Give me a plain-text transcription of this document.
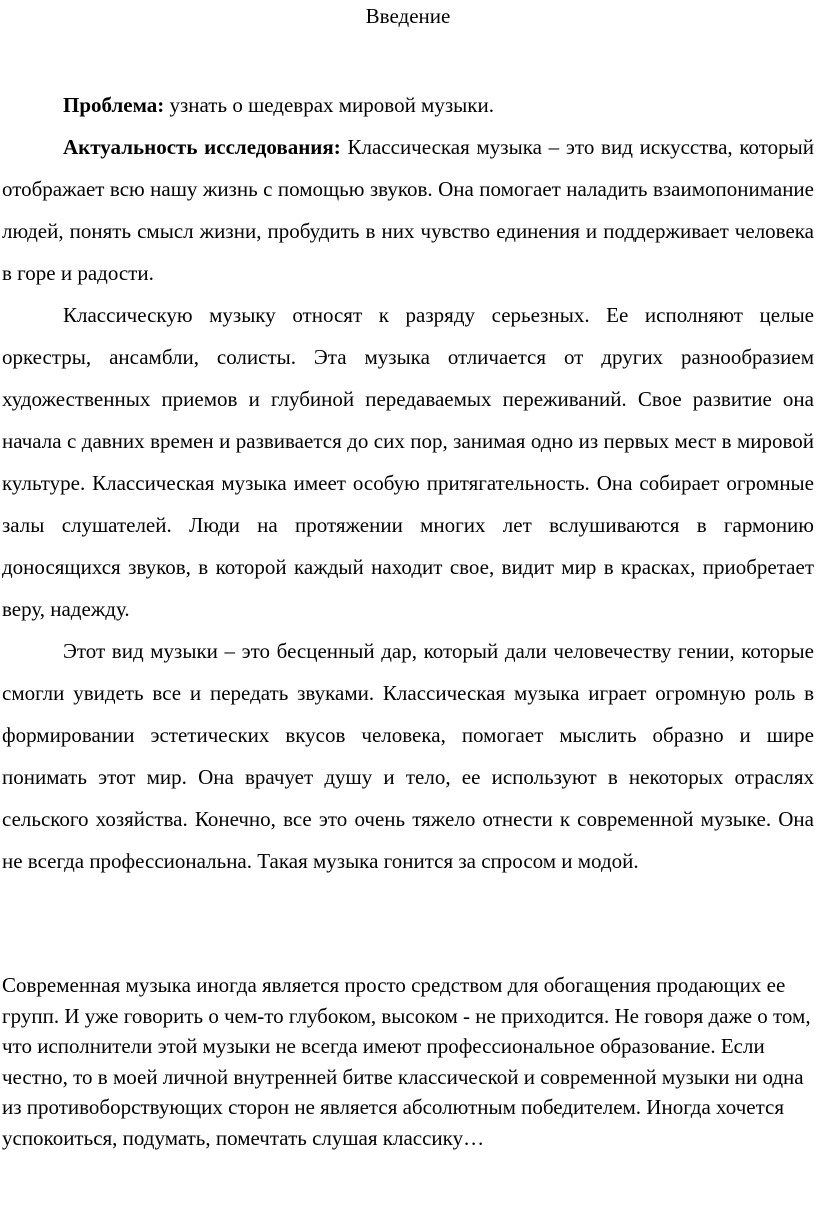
Введение

Проблема: узнать о шедеврах мировой музыки.

Актуальность исследования: Классическая музыка – это вид искусства, который отображает всю нашу жизнь с помощью звуков. Она помогает наладить взаимопонимание людей, понять смысл жизни, пробудить в них чувство единения и поддерживает человека в горе и радости.

Классическую музыку относят к разряду серьезных. Ее исполняют целые оркестры, ансамбли, солисты. Эта музыка отличается от других разнообразием художественных приемов и глубиной передаваемых переживаний. Свое развитие она начала с давних времен и развивается до сих пор, занимая одно из первых мест в мировой культуре. Классическая музыка имеет особую притягательность. Она собирает огромные залы слушателей. Люди на протяжении многих лет вслушиваются в гармонию доносящихся звуков, в которой каждый находит свое, видит мир в красках, приобретает веру, надежду.

Этот вид музыки – это бесценный дар, который дали человечеству гении, которые смогли увидеть все и передать звуками. Классическая музыка играет огромную роль в формировании эстетических вкусов человека, помогает мыслить образно и шире понимать этот мир. Она врачует душу и тело, ее используют в некоторых отраслях сельского хозяйства. Конечно, все это очень тяжело отнести к современной музыке. Она не всегда профессиональна. Такая музыка гонится за спросом и модой.

Современная музыка иногда является просто средством для обогащения продающих ее групп. И уже говорить о чем-то глубоком, высоком - не приходится. Не говоря даже о том, что исполнители этой музыки не всегда имеют профессиональное образование. Если честно, то в моей личной внутренней битве классической и современной музыки ни одна из противоборствующих сторон не является абсолютным победителем. Иногда хочется успокоиться, подумать, помечтать слушая классику…
